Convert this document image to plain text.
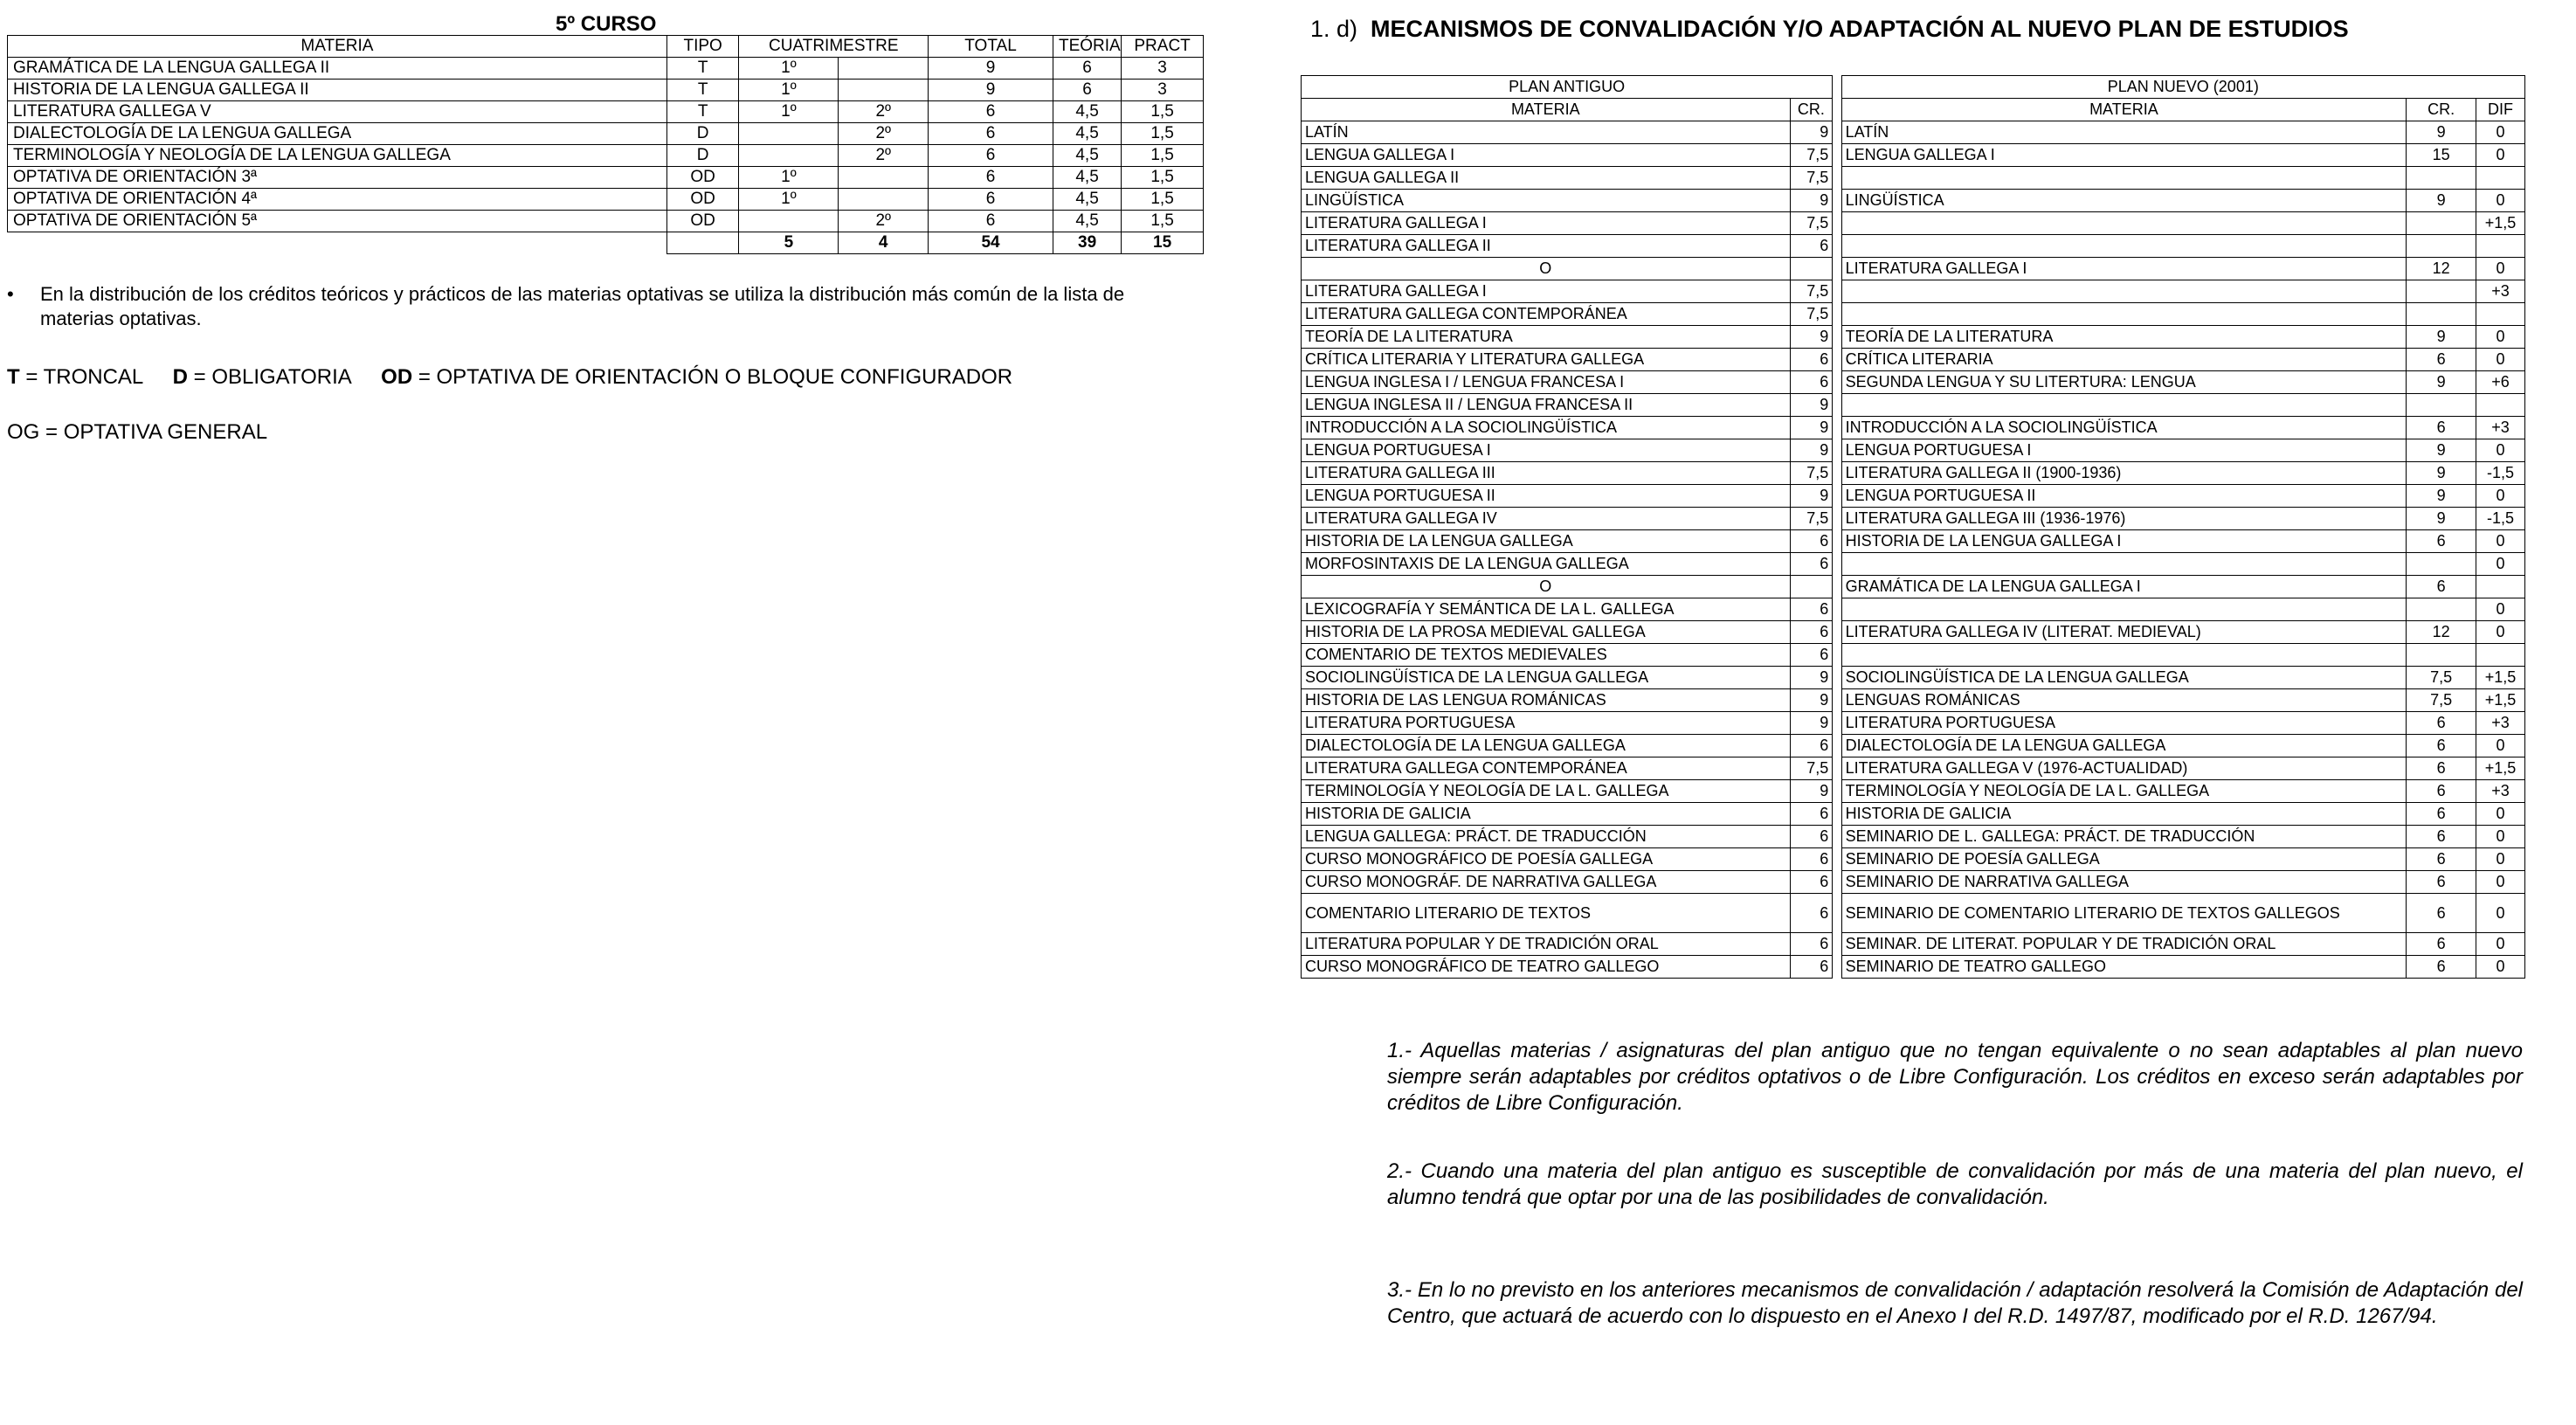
5º CURSO
MATERIA	TIPO	CUATRIMESTRE		TOTAL	TEÓRIA	PRACT
GRAMÁTICA DE LA LENGUA GALLEGA II	T	1º		9	6	3
HISTORIA DE LA LENGUA GALLEGA II	T	1º		9	6	3
LITERATURA GALLEGA V	T	1º	2º	6	4,5	1,5
DIALECTOLOGÍA DE LA LENGUA GALLEGA	D		2º	6	4,5	1,5
TERMINOLOGÍA Y NEOLOGÍA DE LA LENGUA GALLEGA	D		2º	6	4,5	1,5
OPTATIVA DE ORIENTACIÓN 3ª	OD	1º		6	4,5	1,5
OPTATIVA DE ORIENTACIÓN 4ª	OD	1º		6	4,5	1,5
OPTATIVA DE ORIENTACIÓN 5ª	OD		2º	6	4,5	1,5
		5	4	54	39	15
• En la distribución de los créditos teóricos y prácticos de las materias optativas se utiliza la distribución más común de la lista de materias optativas.
T = TRONCAL D = OBLIGATORIA OD = OPTATIVA DE ORIENTACIÓN O BLOQUE CONFIGURADOR
OG = OPTATIVA GENERAL
1. d) MECANISMOS DE CONVALIDACIÓN Y/O ADAPTACIÓN AL NUEVO PLAN DE ESTUDIOS
PLAN ANTIGUO			PLAN NUEVO (2001)		
MATERIA	CR.		MATERIA	CR.	DIF
LATÍN	9		LATÍN	9	0
LENGUA GALLEGA I	7,5		LENGUA GALLEGA I	15	0
LENGUA GALLEGA II	7,5				
LINGÜÍSTICA	9		LINGÜÍSTICA	9	0
LITERATURA GALLEGA I	7,5				+1,5
LITERATURA GALLEGA II	6				
O			LITERATURA GALLEGA I	12	0
LITERATURA GALLEGA I	7,5				+3
LITERATURA GALLEGA CONTEMPORÁNEA	7,5				
TEORÍA DE LA LITERATURA	9		TEORÍA DE LA LITERATURA	9	0
CRÍTICA LITERARIA Y LITERATURA GALLEGA	6		CRÍTICA LITERARIA	6	0
LENGUA INGLESA I / LENGUA FRANCESA I	6		SEGUNDA LENGUA Y SU LITERTURA: LENGUA	9	+6
LENGUA INGLESA II / LENGUA FRANCESA II	9				
INTRODUCCIÓN A LA SOCIOLINGÜÍSTICA	9		INTRODUCCIÓN A LA SOCIOLINGÜÍSTICA	6	+3
LENGUA PORTUGUESA I	9		LENGUA PORTUGUESA I	9	0
LITERATURA GALLEGA III	7,5		LITERATURA GALLEGA II (1900-1936)	9	-1,5
LENGUA PORTUGUESA II	9		LENGUA PORTUGUESA II	9	0
LITERATURA GALLEGA IV	7,5		LITERATURA GALLEGA III (1936-1976)	9	-1,5
HISTORIA DE LA LENGUA GALLEGA	6		HISTORIA DE LA LENGUA GALLEGA I	6	0
MORFOSINTAXIS DE LA LENGUA GALLEGA	6				0
O			GRAMÁTICA DE LA LENGUA GALLEGA I	6	
LEXICOGRAFÍA Y SEMÁNTICA DE LA L. GALLEGA	6				0
HISTORIA DE LA PROSA MEDIEVAL GALLEGA	6		LITERATURA GALLEGA IV (LITERAT. MEDIEVAL)	12	0
COMENTARIO DE TEXTOS MEDIEVALES	6				
SOCIOLINGÜÍSTICA DE LA LENGUA GALLEGA	9		SOCIOLINGÜÍSTICA DE LA LENGUA GALLEGA	7,5	+1,5
HISTORIA DE LAS LENGUA ROMÁNICAS	9		LENGUAS ROMÁNICAS	7,5	+1,5
LITERATURA PORTUGUESA	9		LITERATURA PORTUGUESA	6	+3
DIALECTOLOGÍA DE LA LENGUA GALLEGA	6		DIALECTOLOGÍA DE LA LENGUA GALLEGA	6	0
LITERATURA GALLEGA CONTEMPORÁNEA	7,5		LITERATURA GALLEGA V (1976-ACTUALIDAD)	6	+1,5
TERMINOLOGÍA Y NEOLOGÍA DE LA L. GALLEGA	9		TERMINOLOGÍA Y NEOLOGÍA DE LA L. GALLEGA	6	+3
HISTORIA DE GALICIA	6		HISTORIA DE GALICIA	6	0
LENGUA GALLEGA: PRÁCT. DE TRADUCCIÓN	6		SEMINARIO DE L. GALLEGA: PRÁCT. DE TRADUCCIÓN	6	0
CURSO MONOGRÁFICO DE POESÍA GALLEGA	6		SEMINARIO DE POESÍA GALLEGA	6	0
CURSO MONOGRÁF. DE NARRATIVA GALLEGA	6		SEMINARIO DE NARRATIVA GALLEGA	6	0
COMENTARIO LITERARIO DE TEXTOS	6		SEMINARIO DE COMENTARIO LITERARIO DE TEXTOS GALLEGOS	6	0
LITERATURA POPULAR Y DE TRADICIÓN ORAL	6		SEMINAR. DE LITERAT. POPULAR Y DE TRADICIÓN ORAL	6	0
CURSO MONOGRÁFICO DE TEATRO GALLEGO	6		SEMINARIO DE TEATRO GALLEGO	6	0
1.- Aquellas materias / asignaturas del plan antiguo que no tengan equivalente o no sean adaptables al plan nuevo siempre serán adaptables por créditos optativos o de Libre Configuración. Los créditos en exceso serán adaptables por créditos de Libre Configuración.
2.- Cuando una materia del plan antiguo es susceptible de convalidación por más de una materia del plan nuevo, el alumno tendrá que optar por una de las posibilidades de convalidación.
3.- En lo no previsto en los anteriores mecanismos de convalidación / adaptación resolverá la Comisión de Adaptación del Centro, que actuará de acuerdo con lo dispuesto en el Anexo I del R.D. 1497/87, modificado por el R.D. 1267/94.
